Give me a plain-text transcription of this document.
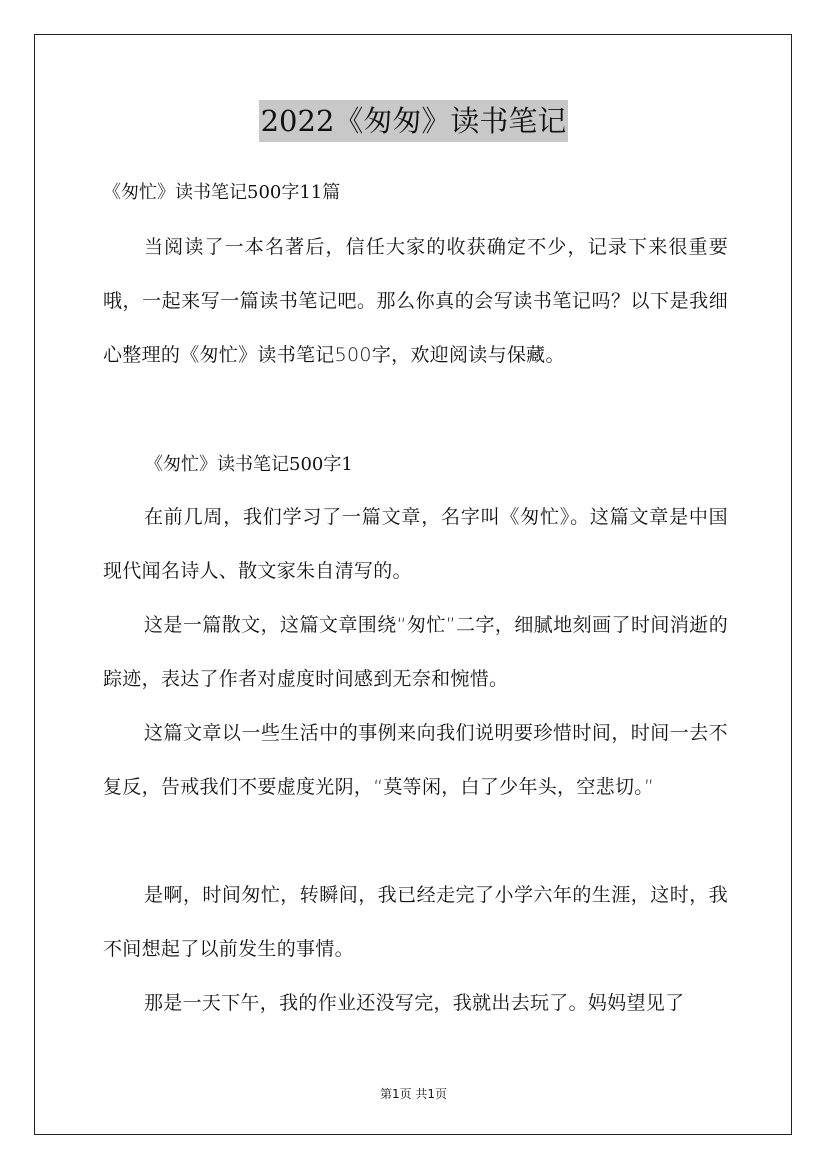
2022《匆匆》读书笔记
《匆忙》读书笔记500字11篇

当阅读了一本名著后，信任大家的收获确定不少，记录下来很重要哦，一起来写一篇读书笔记吧。那么你真的会写读书笔记吗？以下是我细心整理的《匆忙》读书笔记500字，欢迎阅读与保藏。

《匆忙》读书笔记500字1

在前几周，我们学习了一篇文章，名字叫《匆忙》。这篇文章是中国现代闻名诗人、散文家朱自清写的。

这是一篇散文，这篇文章围绕“匆忙”二字，细腻地刻画了时间消逝的踪迹，表达了作者对虚度时间感到无奈和惋惜。

这篇文章以一些生活中的事例来向我们说明要珍惜时间，时间一去不复反，告戒我们不要虚度光阴，“莫等闲，白了少年头，空悲切。”

是啊，时间匆忙，转瞬间，我已经走完了小学六年的生涯，这时，我不间想起了以前发生的事情。

那是一天下午，我的作业还没写完，我就出去玩了。妈妈望见了

第1页 共1页
